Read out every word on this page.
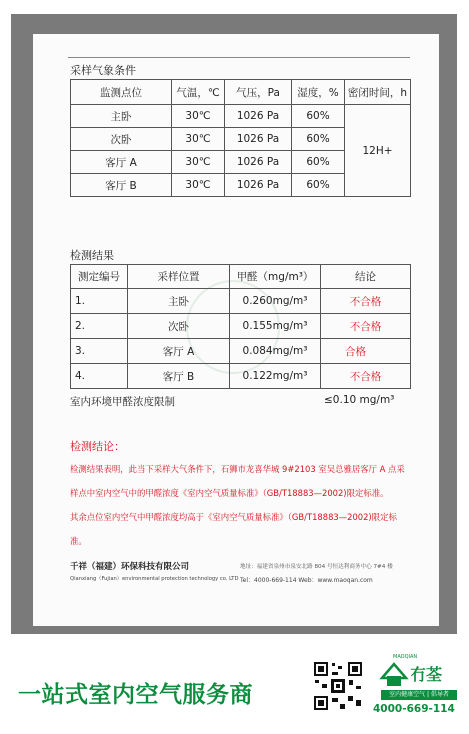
采样气象条件
监测点位	气温，℃	气压，Pa	湿度，%	密闭时间，h
主卧	30℃	1026 Pa	60%	12H+
次卧	30℃	1026 Pa	60%	
客厅 A	30℃	1026 Pa	60%	
客厅 B	30℃	1026 Pa	60%	
检测结果
测定编号	采样位置	甲醛（mg/m³）	结论
1.	主卧	0.260mg/m³	不合格
2.	次卧	0.155mg/m³	不合格
3.	客厅 A	0.084mg/m³	合格
4.	客厅 B	0.122mg/m³	不合格
室内环境甲醛浓度限制	≤0.10 mg/m³
检测结论：
检测结果表明，此当下采样大气条件下，石狮市龙喜华城 9#2103 室吴总雅居客厅 A 点采
样点中室内空气中的甲醛浓度《室内空气质量标准》（GB/T18883—2002)限定标准。
其余点位室内空气中甲醛浓度均高于《室内空气质量标准》（GB/T18883—2002)限定标
准。
千祥（福建）环保科技有限公司
Qianxiang（Fujian）environmental protection technology co. LTD
地址：福建省泉州市泉安北路 804 号恒达利商务中心 7#4 楼
Tel：4000-669-114 Web：www.maoqan.com
一站式室内空气服务商
MAOQIAN
冇荃
室内健康空气 | 倡导者
4000-669-114
